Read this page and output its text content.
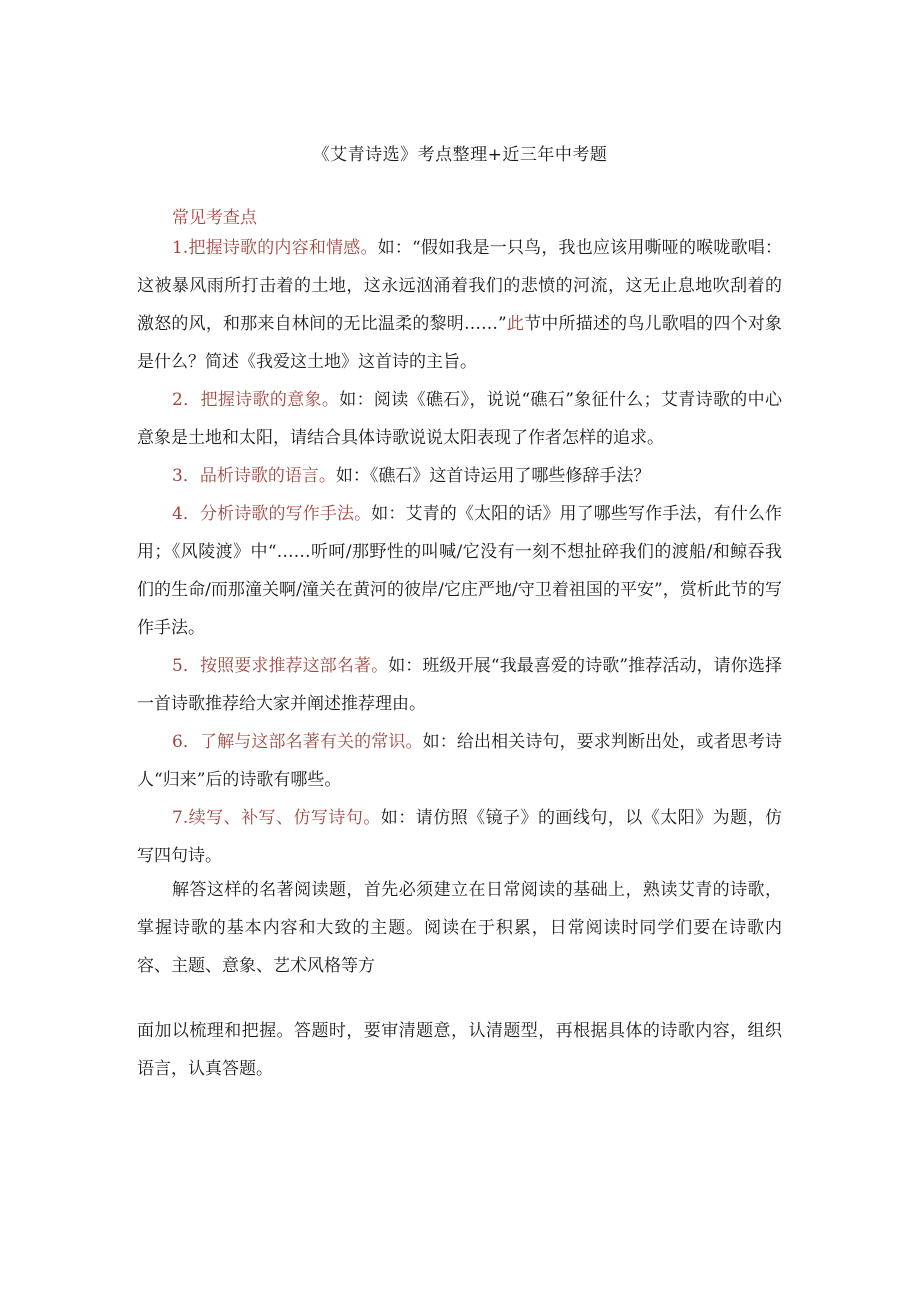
《艾青诗选》考点整理+近三年中考题
常见考查点

1.把握诗歌的内容和情感。如：“假如我是一只鸟，我也应该用嘶哑的喉咙歌唱：这被暴风雨所打击着的土地，这永远汹涌着我们的悲愤的河流，这无止息地吹刮着的激怒的风，和那来自林间的无比温柔的黎明……”此节中所描述的鸟儿歌唱的四个对象是什么？简述《我爱这土地》这首诗的主旨。

2．把握诗歌的意象。如：阅读《礁石》，说说“礁石”象征什么；艾青诗歌的中心意象是土地和太阳，请结合具体诗歌说说太阳表现了作者怎样的追求。

3．品析诗歌的语言。如：《礁石》这首诗运用了哪些修辞手法？

4．分析诗歌的写作手法。如：艾青的《太阳的话》用了哪些写作手法，有什么作用；《风陵渡》中“……听呵/那野性的叫喊/它没有一刻不想扯碎我们的渡船/和鲸吞我们的生命/而那潼关啊/潼关在黄河的彼岸/它庄严地/守卫着祖国的平安”，赏析此节的写作手法。

5．按照要求推荐这部名著。如：班级开展“我最喜爱的诗歌”推荐活动，请你选择一首诗歌推荐给大家并阐述推荐理由。

6．了解与这部名著有关的常识。如：给出相关诗句，要求判断出处，或者思考诗人“归来”后的诗歌有哪些。

7.续写、补写、仿写诗句。如：请仿照《镜子》的画线句，以《太阳》为题，仿写四句诗。

解答这样的名著阅读题，首先必须建立在日常阅读的基础上，熟读艾青的诗歌，掌握诗歌的基本内容和大致的主题。阅读在于积累，日常阅读时同学们要在诗歌内容、主题、意象、艺术风格等方

面加以梳理和把握。答题时，要审清题意，认清题型，再根据具体的诗歌内容，组织语言，认真答题。
